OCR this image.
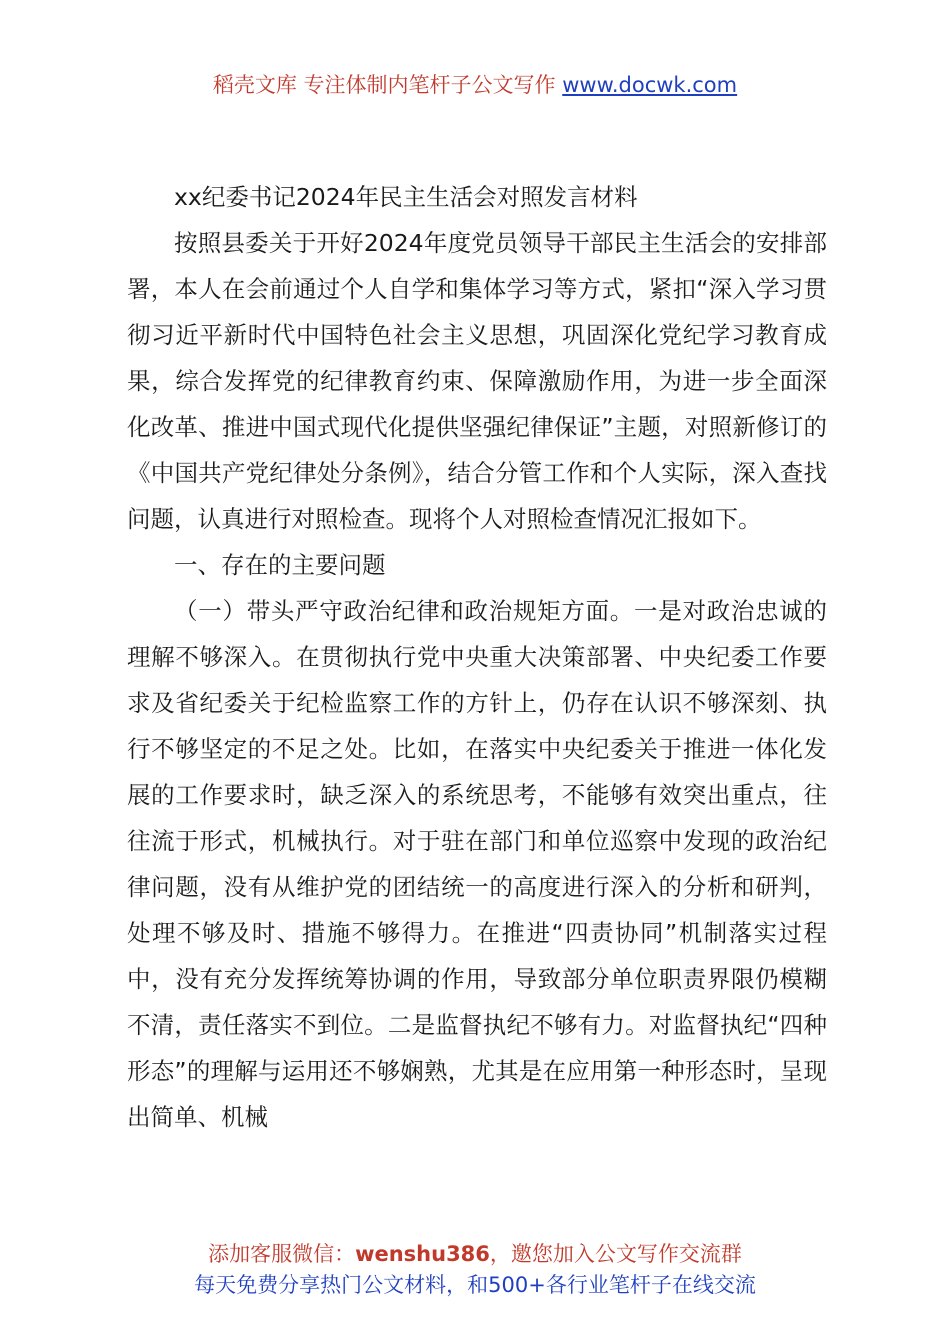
稻壳文库 专注体制内笔杆子公文写作 www.docwk.com

xx纪委书记2024年民主生活会对照发言材料

按照县委关于开好2024年度党员领导干部民主生活会的安排部署，本人在会前通过个人自学和集体学习等方式，紧扣“深入学习贯彻习近平新时代中国特色社会主义思想，巩固深化党纪学习教育成果，综合发挥党的纪律教育约束、保障激励作用，为进一步全面深化改革、推进中国式现代化提供坚强纪律保证”主题，对照新修订的《中国共产党纪律处分条例》，结合分管工作和个人实际，深入查找问题，认真进行对照检查。现将个人对照检查情况汇报如下。

一、存在的主要问题

（一）带头严守政治纪律和政治规矩方面。一是对政治忠诚的理解不够深入。在贯彻执行党中央重大决策部署、中央纪委工作要求及省纪委关于纪检监察工作的方针上，仍存在认识不够深刻、执行不够坚定的不足之处。比如，在落实中央纪委关于推进一体化发展的工作要求时，缺乏深入的系统思考，不能够有效突出重点，往往流于形式，机械执行。对于驻在部门和单位巡察中发现的政治纪律问题，没有从维护党的团结统一的高度进行深入的分析和研判，处理不够及时、措施不够得力。在推进“四责协同”机制落实过程中，没有充分发挥统筹协调的作用，导致部分单位职责界限仍模糊不清，责任落实不到位。二是监督执纪不够有力。对监督执纪“四种形态”的理解与运用还不够娴熟，尤其是在应用第一种形态时，呈现出简单、机械

添加客服微信：wenshu386，邀您加入公文写作交流群
每天免费分享热门公文材料，和500+各行业笔杆子在线交流
